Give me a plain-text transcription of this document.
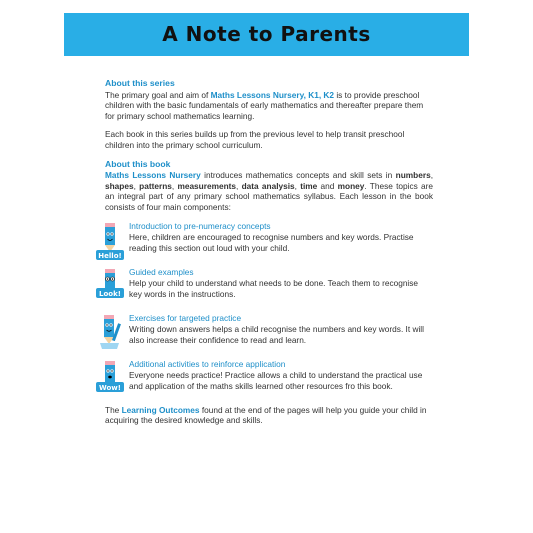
A Note to Parents
About this series

The primary goal and aim of Maths Lessons Nursery, K1, K2 is to provide preschool children with the basic fundamentals of early mathematics and thereafter prepare them for primary school mathematics learning.

Each book in this series builds up from the previous level to help transit preschool children into the primary school curriculum.

About this book

Maths Lessons Nursery introduces mathematics concepts and skill sets in numbers, shapes, patterns, measurements, data analysis, time and money. These topics are an integral part of any primary school mathematics syllabus. Each lesson in the book consists of four main components:

Hello!
Introduction to pre-numeracy concepts

Here, children are encouraged to recognise numbers and key words. Practise reading this section out loud with your child.

Look!
Guided examples

Help your child to understand what needs to be done. Teach them to recognise key words in the instructions.

Exercises for targeted practice

Writing down answers helps a child recognise the numbers and key words. It will also increase their confidence to read and learn.

Wow!
Additional activities to reinforce application

Everyone needs practice! Practice allows a child to understand the practical use and application of the maths skills learned other resources fro this book.

The Learning Outcomes found at the end of the pages will help you guide your child in acquiring the desired knowledge and skills.
